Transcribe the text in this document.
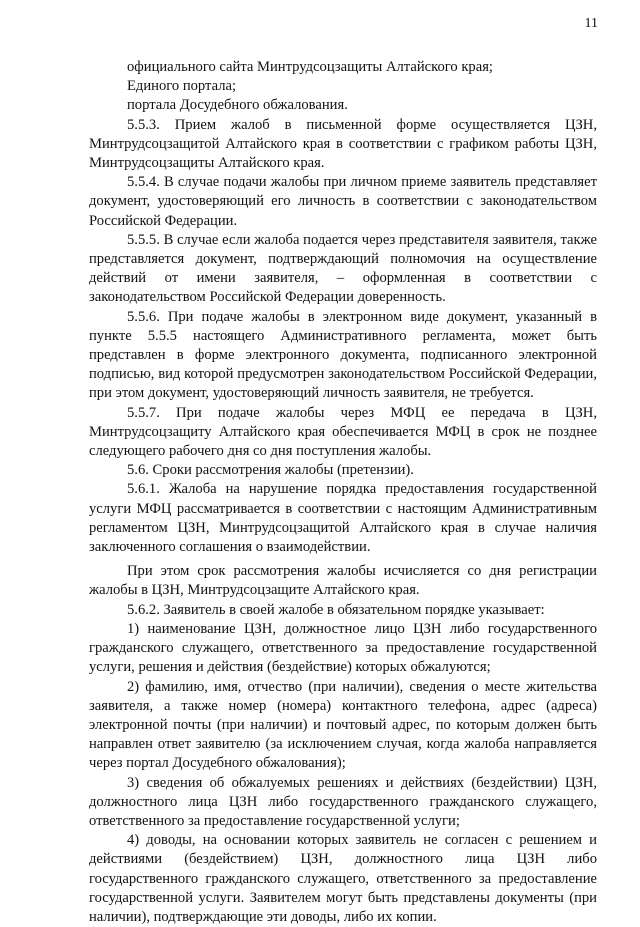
11

официального сайта Минтрудсоцзащиты Алтайского края;

Единого портала;

портала Досудебного обжалования.

5.5.3. Прием жалоб в письменной форме осуществляется ЦЗН, Минтрудсоцзащитой Алтайского края в соответствии с графиком работы ЦЗН, Минтрудсоцзащиты Алтайского края.

5.5.4. В случае подачи жалобы при личном приеме заявитель представляет документ, удостоверяющий его личность в соответствии с законодательством Российской Федерации.

5.5.5. В случае если жалоба подается через представителя заявителя, также представляется документ, подтверждающий полномочия на осуществление действий от имени заявителя, – оформленная в соответствии с законодательством Российской Федерации доверенность.

5.5.6. При подаче жалобы в электронном виде документ, указанный в пункте 5.5.5 настоящего Административного регламента, может быть представлен в форме электронного документа, подписанного электронной подписью, вид которой предусмотрен законодательством Российской Федерации, при этом документ, удостоверяющий личность заявителя, не требуется.

5.5.7. При подаче жалобы через МФЦ ее передача в ЦЗН, Минтрудсоцзащиту Алтайского края обеспечивается МФЦ в срок не позднее следующего рабочего дня со дня поступления жалобы.

5.6. Сроки рассмотрения жалобы (претензии).

5.6.1. Жалоба на нарушение порядка предоставления государственной услуги МФЦ рассматривается в соответствии с настоящим Административным регламентом ЦЗН, Минтрудсоцзащитой Алтайского края в случае наличия заключенного соглашения о взаимодействии.

При этом срок рассмотрения жалобы исчисляется со дня регистрации жалобы в ЦЗН, Минтрудсоцзащите Алтайского края.

5.6.2. Заявитель в своей жалобе в обязательном порядке указывает:

1) наименование ЦЗН, должностное лицо ЦЗН либо государственного гражданского служащего, ответственного за предоставление государственной услуги, решения и действия (бездействие) которых обжалуются;

2) фамилию, имя, отчество (при наличии), сведения о месте жительства заявителя, а также номер (номера) контактного телефона, адрес (адреса) электронной почты (при наличии) и почтовый адрес, по которым должен быть направлен ответ заявителю (за исключением случая, когда жалоба направляется через портал Досудебного обжалования);

3) сведения об обжалуемых решениях и действиях (бездействии) ЦЗН, должностного лица ЦЗН либо государственного гражданского служащего, ответственного за предоставление государственной услуги;

4) доводы, на основании которых заявитель не согласен с решением и действиями (бездействием) ЦЗН, должностного лица ЦЗН либо государственного гражданского служащего, ответственного за предоставление государственной услуги. Заявителем могут быть представлены документы (при наличии), подтверждающие эти доводы, либо их копии.
